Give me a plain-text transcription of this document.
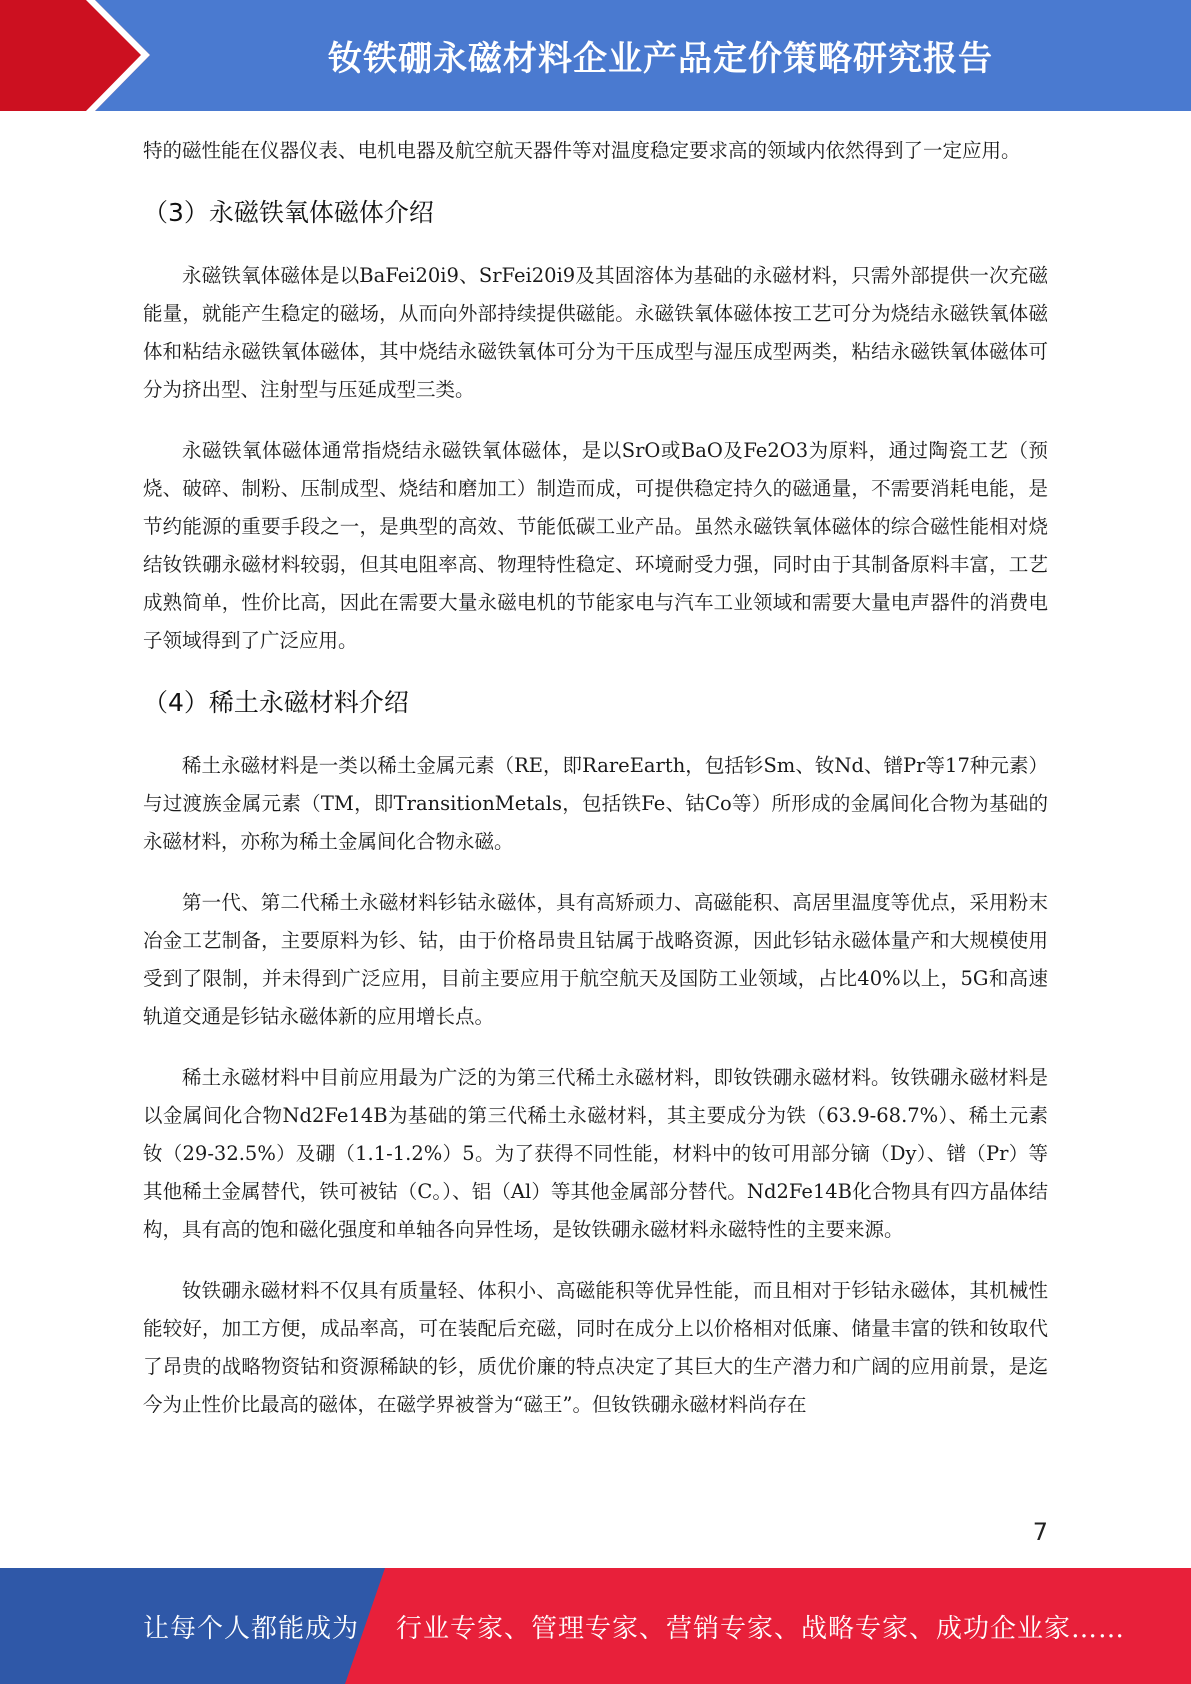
钕铁硼永磁材料企业产品定价策略研究报告

特的磁性能在仪器仪表、电机电器及航空航天器件等对温度稳定要求高的领域内依然得到了一定应用。

（3）永磁铁氧体磁体介绍

永磁铁氧体磁体是以BaFei20i9、SrFei20i9及其固溶体为基础的永磁材料，只需外部提供一次充磁能量，就能产生稳定的磁场，从而向外部持续提供磁能。永磁铁氧体磁体按工艺可分为烧结永磁铁氧体磁体和粘结永磁铁氧体磁体，其中烧结永磁铁氧体可分为干压成型与湿压成型两类，粘结永磁铁氧体磁体可分为挤出型、注射型与压延成型三类。

永磁铁氧体磁体通常指烧结永磁铁氧体磁体，是以SrO或BaO及Fe2O3为原料，通过陶瓷工艺（预烧、破碎、制粉、压制成型、烧结和磨加工）制造而成，可提供稳定持久的磁通量，不需要消耗电能，是节约能源的重要手段之一，是典型的高效、节能低碳工业产品。虽然永磁铁氧体磁体的综合磁性能相对烧结钕铁硼永磁材料较弱，但其电阻率高、物理特性稳定、环境耐受力强，同时由于其制备原料丰富，工艺成熟简单，性价比高，因此在需要大量永磁电机的节能家电与汽车工业领域和需要大量电声器件的消费电子领域得到了广泛应用。

（4）稀土永磁材料介绍

稀土永磁材料是一类以稀土金属元素（RE，即RareEarth，包括钐Sm、钕Nd、镨Pr等17种元素）与过渡族金属元素（TM，即TransitionMetals，包括铁Fe、钴Co等）所形成的金属间化合物为基础的永磁材料，亦称为稀土金属间化合物永磁。

第一代、第二代稀土永磁材料钐钴永磁体，具有高矫顽力、高磁能积、高居里温度等优点，采用粉末冶金工艺制备，主要原料为钐、钴，由于价格昂贵且钴属于战略资源，因此钐钴永磁体量产和大规模使用受到了限制，并未得到广泛应用，目前主要应用于航空航天及国防工业领域，占比40%以上，5G和高速轨道交通是钐钴永磁体新的应用增长点。

稀土永磁材料中目前应用最为广泛的为第三代稀土永磁材料，即钕铁硼永磁材料。钕铁硼永磁材料是以金属间化合物Nd2Fe14B为基础的第三代稀土永磁材料，其主要成分为铁（63.9-68.7%）、稀土元素钕（29-32.5%）及硼（1.1-1.2%）5。为了获得不同性能，材料中的钕可用部分镝（Dy）、镨（Pr）等其他稀土金属替代，铁可被钴（C。）、铝（Al）等其他金属部分替代。Nd2Fe14B化合物具有四方晶体结构，具有高的饱和磁化强度和单轴各向异性场，是钕铁硼永磁材料永磁特性的主要来源。

钕铁硼永磁材料不仅具有质量轻、体积小、高磁能积等优异性能，而且相对于钐钴永磁体，其机械性能较好，加工方便，成品率高，可在装配后充磁，同时在成分上以价格相对低廉、储量丰富的铁和钕取代了昂贵的战略物资钴和资源稀缺的钐，质优价廉的特点决定了其巨大的生产潜力和广阔的应用前景，是迄今为止性价比最高的磁体，在磁学界被誉为“磁王”。但钕铁硼永磁材料尚存在

7
让每个人都能成为 行业专家、管理专家、营销专家、战略专家、成功企业家……
